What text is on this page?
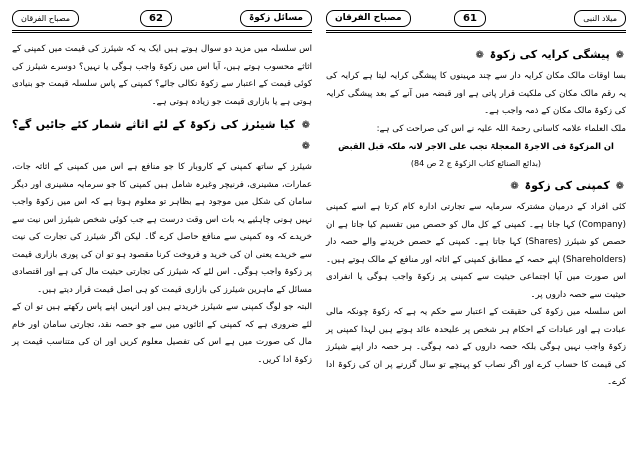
مصباح الفرقان	62	مسائل زکوۃ

اس سلسلہ میں مزید دو سوال ہوتے ہیں ایک یہ کہ شیئرز کی قیمت میں کمپنی کے اثاثے محسوب ہوتے ہیں، آیا اس میں زکوۃ واجب ہوگی یا نہیں؟ دوسرے شیئرز کی کوئی قیمت کے اعتبار سے زکوۃ نکالی جائے؟ کمپنی کے پاس سلسلہ قیمت جو بنیادی ہوتی ہے یا بازاری قیمت جو زیادہ ہوتی ہے۔

❁ کیا شیئرز کی زکوۃ کے لئے اثاثے شمار کئے جائیں گے؟ ❁

شیئرز کے ساتھ کمپنی کے کاروبار کا جو منافع ہے اس میں کمپنی کے اثاثہ جات، عمارات، مشینری، فرنیچر وغیرہ شامل ہیں کمپنی کا جو سرمایہ مشینری اور دیگر سامان کی شکل میں موجود ہے بظاہر تو معلوم ہوتا ہے کہ اس میں زکوۃ واجب نہیں ہونی چاہئیے یہ بات اس وقت درست ہے جب کوئی شخص شیئرز اس نیت سے خریدے کہ وہ کمپنی سے منافع حاصل کرے گا۔ لیکن اگر شیئرز کی تجارت کی نیت سے خریدے یعنی ان کی خرید و فروخت کرنا مقصود ہو تو ان کی پوری بازاری قیمت پر زکوۃ واجب ہوگی۔ اس لئے کہ شیئرز کی تجارتی حیثیت مال کی ہے اور اقتصادی مسائل کے ماہرین شیئرز کی بازاری قیمت کو ہی اصل قیمت قرار دیتے ہیں۔

البتہ جو لوگ کمپنی سے شیئرز خریدتے ہیں اور انہیں اپنے پاس رکھتے ہیں تو ان کے لئے ضروری ہے کہ کمپنی کے اثاثوں میں سے جو حصہ نقد، تجارتی سامان اور خام مال کی صورت میں ہے اس کی تفصیل معلوم کریں اور ان کی متناسب قیمت پر زکوۃ ادا کریں۔

مصباح الفرقان	61	میلاد النبی
❁ پیشگی کرایہ کی زکوۃ ❁

بسا اوقات مالک مکان کرایہ دار سے چند مہینوں کا پیشگی کرایہ لیتا ہے کرایہ کی یہ رقم مالک مکان کی ملکیت قرار پاتی ہے اور قبضہ میں آنے کے بعد پیشگی کرایہ کی زکوۃ مالک مکان کے ذمہ واجب ہے۔

ملک العلماء علامہ کاسانی رحمۃ اللہ علیہ نے اس کی صراحت کی ہے:

ان المزکوۃ فی الاجرۃ المعجلۃ تجب علی الاجر لانہ ملکہ قبل القبض

(بدائع الصنائع کتاب الزکوۃ ج 2 ص 84)

❁ کمپنی کی زکوۃ ❁

کئی افراد کے درمیان مشترکہ سرمایہ سے تجارتی ادارہ کام کرتا ہے اسے کمپنی (Company) کہا جاتا ہے۔ کمپنی کے کل مال کو حصص میں تقسیم کیا جاتا ہے ان حصص کو شیئرز (Shares) کہا جاتا ہے۔ کمپنی کے حصص خریدنے والے حصہ دار (Shareholders) اپنے حصہ کے مطابق کمپنی کے اثاثہ اور منافع کے مالک ہوتے ہیں۔ اس صورت میں آیا اجتماعی حیثیت سے کمپنی پر زکوۃ واجب ہوگی یا انفرادی حیثیت سے حصہ داروں پر۔

اس سلسلہ میں زکوۃ کی حقیقت کے اعتبار سے حکم یہ ہے کہ زکوۃ چونکہ مالی عبادت ہے اور عبادات کے احکام ہر شخص پر علیحدہ عائد ہوتے ہیں لہذا کمپنی پر زکوۃ واجب نہیں ہوگی بلکہ حصہ داروں کے ذمہ ہوگی۔ ہر حصہ دار اپنے شیئرز کی قیمت کا حساب کرے اور اگر نصاب کو پہنچے تو سال گزرنے پر ان کی زکوۃ ادا کرے۔
